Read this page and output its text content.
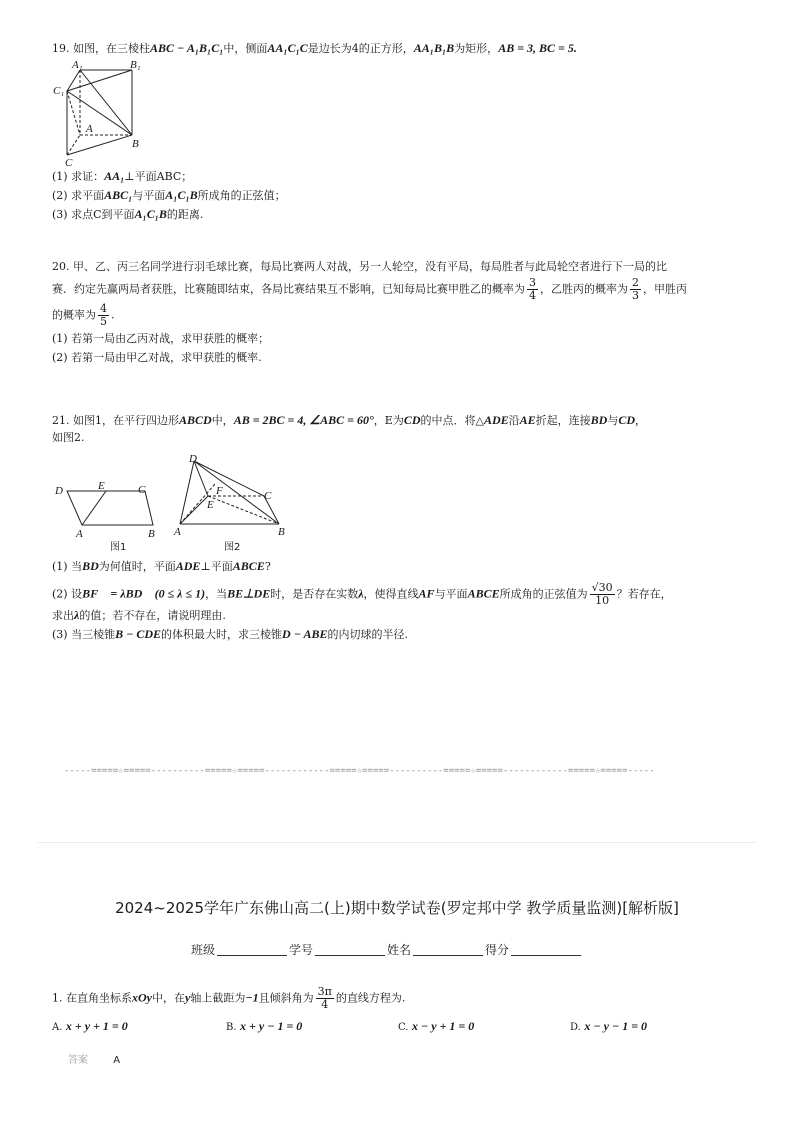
19. 如图，在三棱柱ABC − A₁B₁C₁中，侧面AA₁C₁C是边长为4的正方形，AA₁B₁B为矩形，AB = 3, BC = 5.
A₁	B₁
C₁
A
B
C
(1) 求证：AA₁⊥平面ABC；
(2) 求平面ABC₁与平面A₁C₁B所成角的正弦值；
(3) 求点C到平面A₁C₁B的距离.
20. 甲、乙、丙三名同学进行羽毛球比赛，每局比赛两人对战，另一人轮空，没有平局，每局胜者与此局轮空者进行下一局的比
赛．约定先赢两局者获胜，比赛随即结束，各局比赛结果互不影响，已知每局比赛甲胜乙的概率为 $\frac{3}{4}$ ，乙胜丙的概率为 $\frac{2}{3}$ ，甲胜丙
的概率为 $\frac{4}{5}$ .
(1) 若第一局由乙丙对战，求甲获胜的概率；
(2) 若第一局由甲乙对战，求甲获胜的概率.
21. 如图1，在平行四边形ABCD中，AB = 2BC = 4, ∠ABC = 60°，E为CD的中点．将△ADE沿AE折起，连接BD与CD，
如图2.
D	E	C
A	B
图1
D
F
E
C
A	B
图2
(1) 当BD为何值时，平面ADE⊥平面ABCE?
(2) 设BF⃗ = λBD⃗ (0 ≤ λ ≤ 1)，当BE⊥DE时，是否存在实数λ，使得直线AF与平面ABCE所成角的正弦值为 $\frac{√30}{10}$ ？若存在，
求出λ的值；若不存在，请说明理由.
(3) 当三棱锥B − CDE的体积最大时，求三棱锥D − ABE的内切球的半径.
-----=====☆=====----------=====☆=====------------=====☆=====----------=====☆=====------------=====☆=====-----
2024~2025学年广东佛山高二(上)期中数学试卷(罗定邦中学 教学质量监测)[解析版]
班级	学号	姓名	得分
1. 在直角坐标系xOy中，在y轴上截距为−1且倾斜角为 $\frac{3\pi}{4}$ 的直线方程为.
A. x + y + 1 = 0	B. x + y − 1 = 0	C. x − y + 1 = 0	D. x − y − 1 = 0
答案	A
